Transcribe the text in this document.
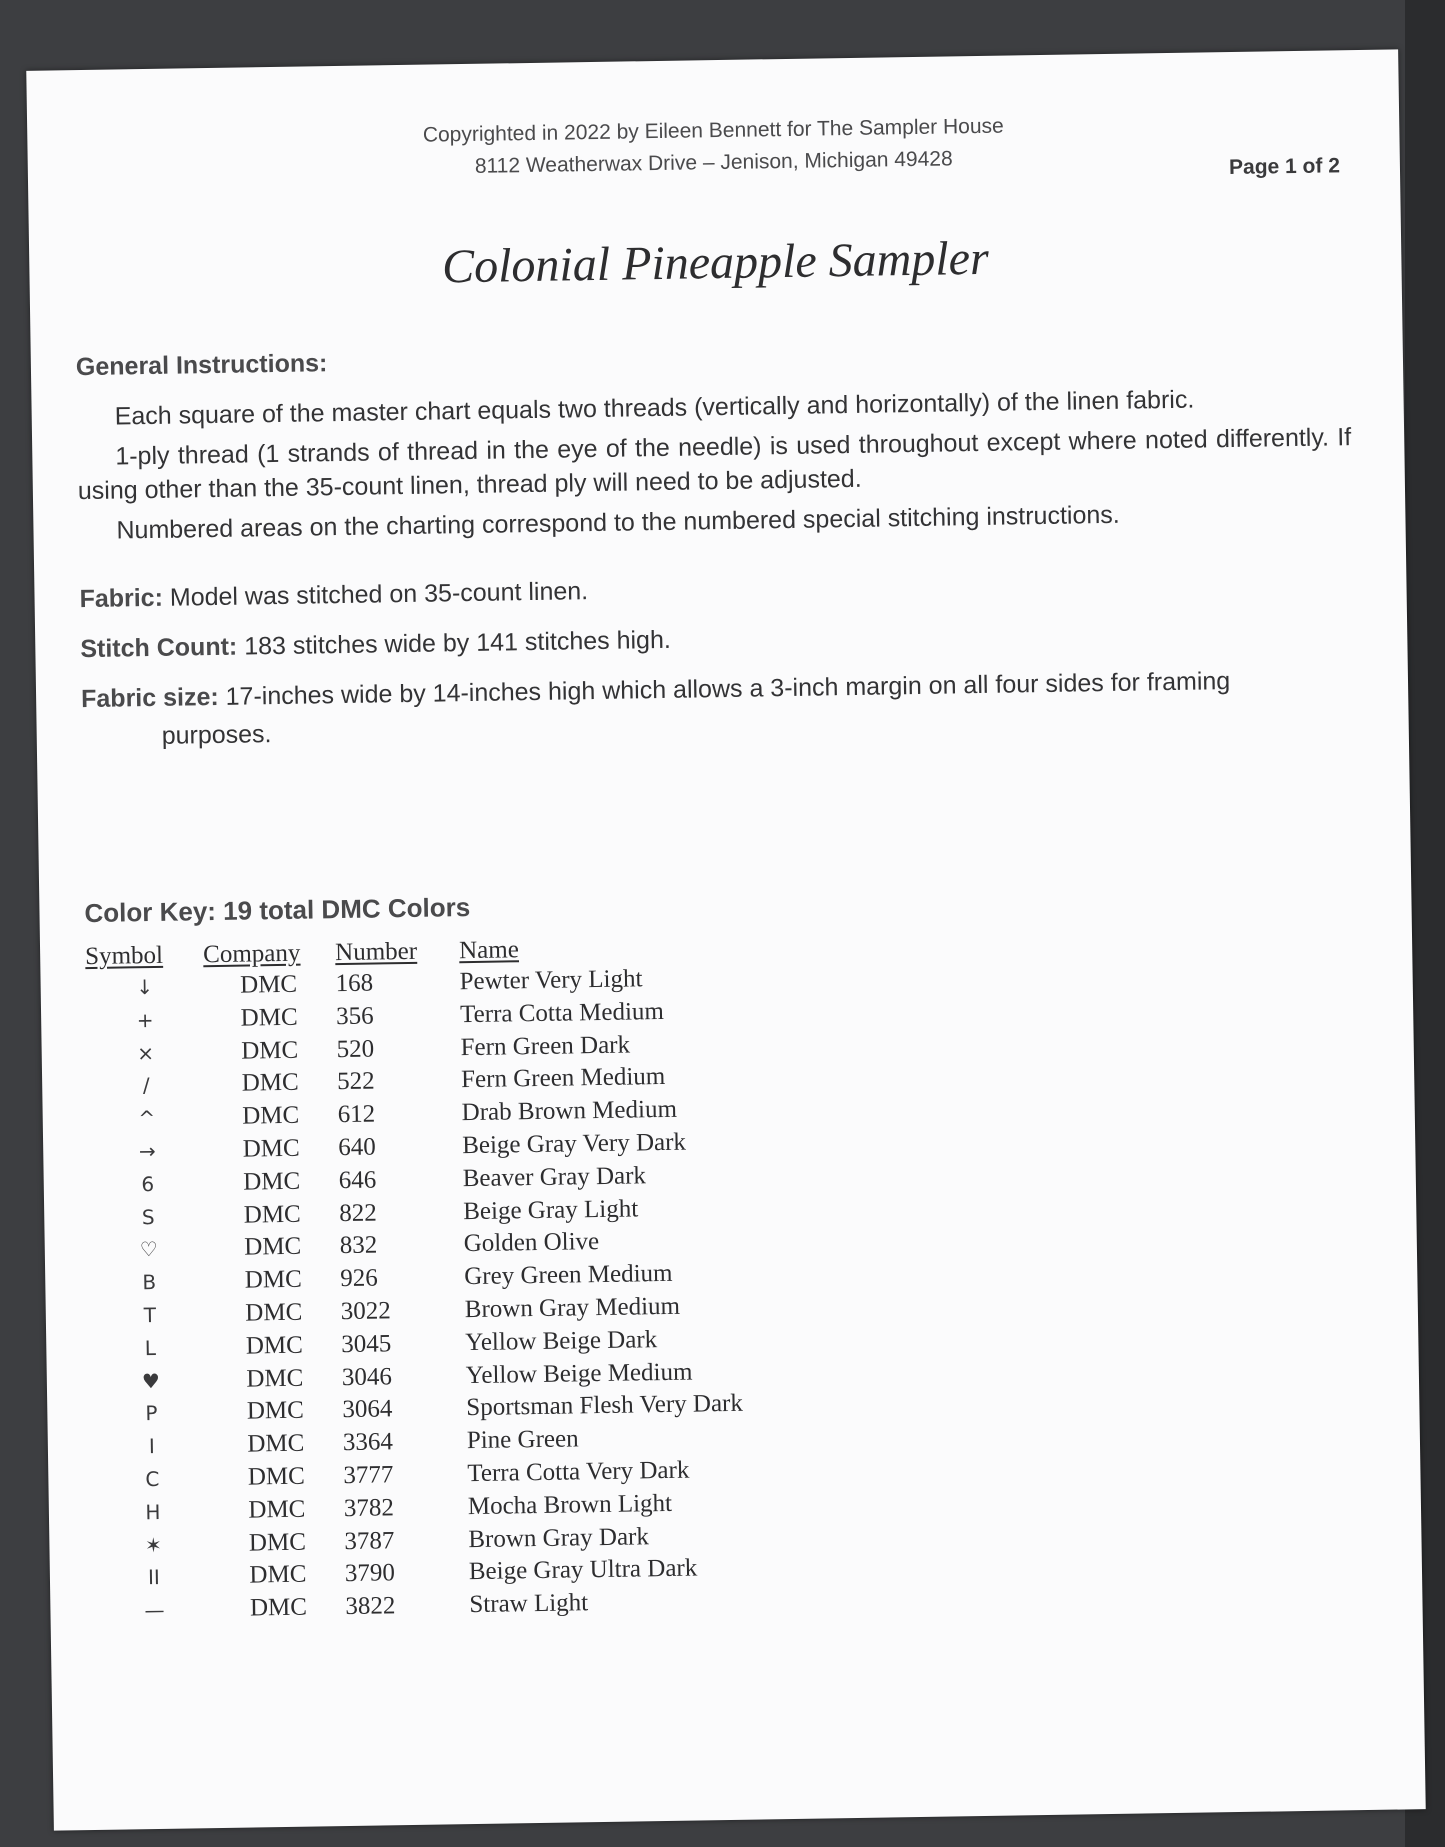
Copyrighted in 2022 by Eileen Bennett for The Sampler House
8112 Weatherwax Drive – Jenison, Michigan 49428	Page 1 of 2
Colonial Pineapple Sampler
General Instructions:
Each square of the master chart equals two threads (vertically and horizontally) of the linen fabric.
1-ply thread (1 strands of thread in the eye of the needle) is used throughout except where noted differently. If using other than the 35-count linen, thread ply will need to be adjusted.
Numbered areas on the charting correspond to the numbered special stitching instructions.
Fabric: Model was stitched on 35-count linen.
Stitch Count: 183 stitches wide by 141 stitches high.
Fabric size: 17-inches wide by 14-inches high which allows a 3-inch margin on all four sides for framing
purposes.
Color Key: 19 total DMC Colors
Symbol	Company	Number	Name
↓	DMC	168	Pewter Very Light
+	DMC	356	Terra Cotta Medium
×	DMC	520	Fern Green Dark
/	DMC	522	Fern Green Medium
^	DMC	612	Drab Brown Medium
→	DMC	640	Beige Gray Very Dark
6	DMC	646	Beaver Gray Dark
S	DMC	822	Beige Gray Light
♡	DMC	832	Golden Olive
B	DMC	926	Grey Green Medium
T	DMC	3022	Brown Gray Medium
L	DMC	3045	Yellow Beige Dark
♥	DMC	3046	Yellow Beige Medium
P	DMC	3064	Sportsman Flesh Very Dark
I	DMC	3364	Pine Green
C	DMC	3777	Terra Cotta Very Dark
H	DMC	3782	Mocha Brown Light
✶	DMC	3787	Brown Gray Dark
II	DMC	3790	Beige Gray Ultra Dark
—	DMC	3822	Straw Light
